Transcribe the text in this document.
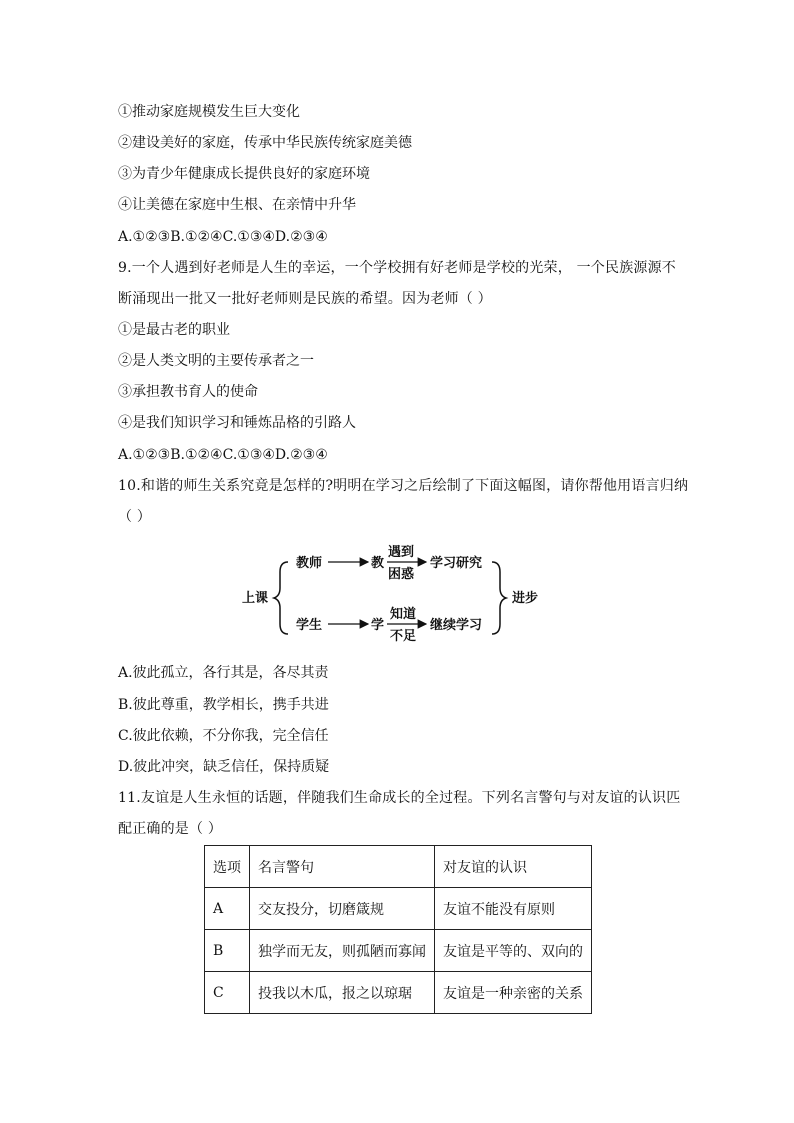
①推动家庭规模发生巨大变化
②建设美好的家庭，传承中华民族传统家庭美德
③为青少年健康成长提供良好的家庭环境
④让美德在家庭中生根、在亲情中升华
A.①②③B.①②④C.①③④D.②③④
9.一个人遇到好老师是人生的幸运，一个学校拥有好老师是学校的光荣， 一个民族源源不
断涌现出一批又一批好老师则是民族的希望。因为老师（ ）
①是最古老的职业
②是人类文明的主要传承者之一
③承担教书育人的使命
④是我们知识学习和锤炼品格的引路人
A.①②③B.①②④C.①③④D.②③④
10.和谐的师生关系究竟是怎样的?明明在学习之后绘制了下面这幅图，请你帮他用语言归纳
（ ）
上课
教师	教
遇到
困惑
学习研究
学生	学
知道
不足
继续学习
进步
A.彼此孤立，各行其是，各尽其责
B.彼此尊重，教学相长，携手共进
C.彼此依赖，不分你我，完全信任
D.彼此冲突，缺乏信任，保持质疑
11.友谊是人生永恒的话题，伴随我们生命成长的全过程。下列名言警句与对友谊的认识匹
配正确的是（ ）
选项	名言警句	对友谊的认识
A	交友投分，切磨箴规	友谊不能没有原则
B	独学而无友，则孤陋而寡闻	友谊是平等的、双向的
C	投我以木瓜，报之以琼琚	友谊是一种亲密的关系
